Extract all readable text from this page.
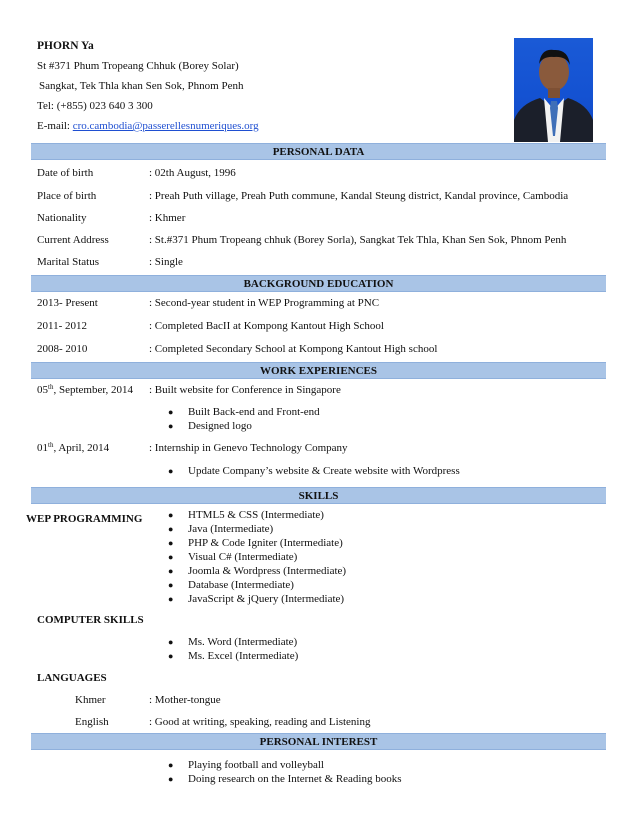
PHORN Ya
St #371 Phum Tropeang Chhuk (Borey Solar)
Sangkat, Tek Thla khan Sen Sok, Phnom Penh
Tel: (+855) 023 640 3 300
E-mail: cro.cambodia@passerellesnumeriques.org
PERSONAL DATA
Date of birth	: 02th August, 1996
Place of birth	: Preah Puth village, Preah Puth commune, Kandal Steung district, Kandal province, Cambodia
Nationality	: Khmer
Current Address	: St.#371 Phum Tropeang chhuk (Borey Sorla), Sangkat Tek Thla, Khan Sen Sok, Phnom Penh
Marital Status	: Single
BACKGROUND EDUCATION
2013- Present	: Second-year student in WEP Programming at PNC
2011- 2012	: Completed BacII at Kompong Kantout High School
2008- 2010	: Completed Secondary School at Kompong Kantout High school
WORK EXPERIENCES
05th, September, 2014 : Built website for Conference in Singapore
● Built Back-end and Front-end
● Designed logo
01th, April, 2014	: Internship in Genevo Technology Company
● Update Company’s website & Create website with Wordpress
SKILLS
WEP PROGRAMMING	● HTML5 & CSS (Intermediate)
● Java (Intermediate)
● PHP & Code Igniter (Intermediate)
● Visual C# (Intermediate)
● Joomla & Wordpress (Intermediate)
● Database (Intermediate)
● JavaScript & jQuery (Intermediate)
COMPUTER SKILLS
● Ms. Word (Intermediate)
● Ms. Excel (Intermediate)
LANGUAGES
Khmer	: Mother-tongue
English	: Good at writing, speaking, reading and Listening
PERSONAL INTEREST
● Playing football and volleyball
● Doing research on the Internet & Reading books
